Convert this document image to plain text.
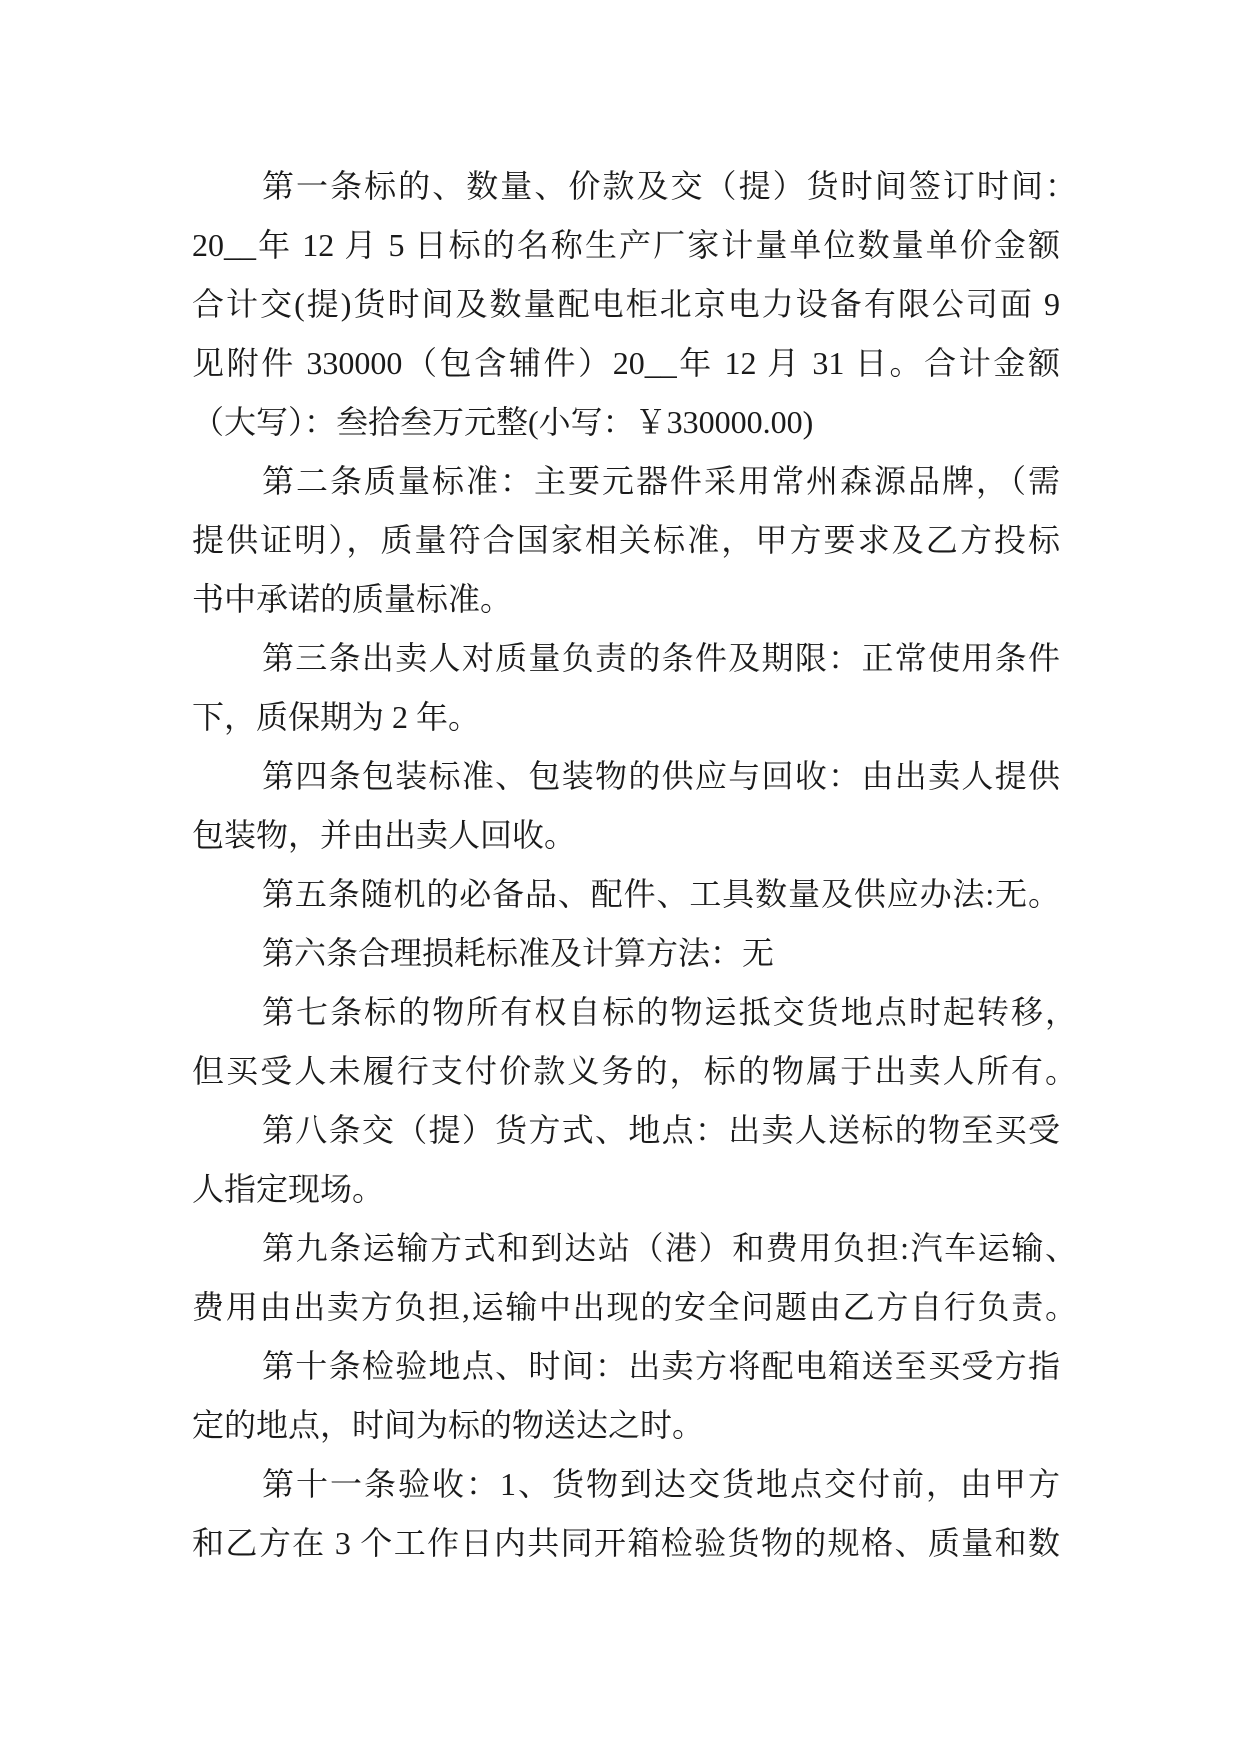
第一条标的、数量、价款及交（提）货时间签订时间：
20__年 12 月 5 日标的名称生产厂家计量单位数量单价金额
合计交(提)货时间及数量配电柜北京电力设备有限公司面 9
见附件 330000（包含辅件）20__年 12 月 31 日。合计金额
（大写）：叁拾叁万元整(小写：￥330000.00)
第二条质量标准：主要元器件采用常州森源品牌，（需
提供证明），质量符合国家相关标准，甲方要求及乙方投标
书中承诺的质量标准。
第三条出卖人对质量负责的条件及期限：正常使用条件
下，质保期为 2 年。
第四条包装标准、包装物的供应与回收：由出卖人提供
包装物，并由出卖人回收。
第五条随机的必备品、配件、工具数量及供应办法:无。
第六条合理损耗标准及计算方法：无
第七条标的物所有权自标的物运抵交货地点时起转移，
但买受人未履行支付价款义务的，标的物属于出卖人所有。
第八条交（提）货方式、地点：出卖人送标的物至买受
人指定现场。
第九条运输方式和到达站（港）和费用负担:汽车运输、
费用由出卖方负担,运输中出现的安全问题由乙方自行负责。
第十条检验地点、时间：出卖方将配电箱送至买受方指
定的地点，时间为标的物送达之时。
第十一条验收：1、货物到达交货地点交付前，由甲方
和乙方在 3 个工作日内共同开箱检验货物的规格、质量和数
